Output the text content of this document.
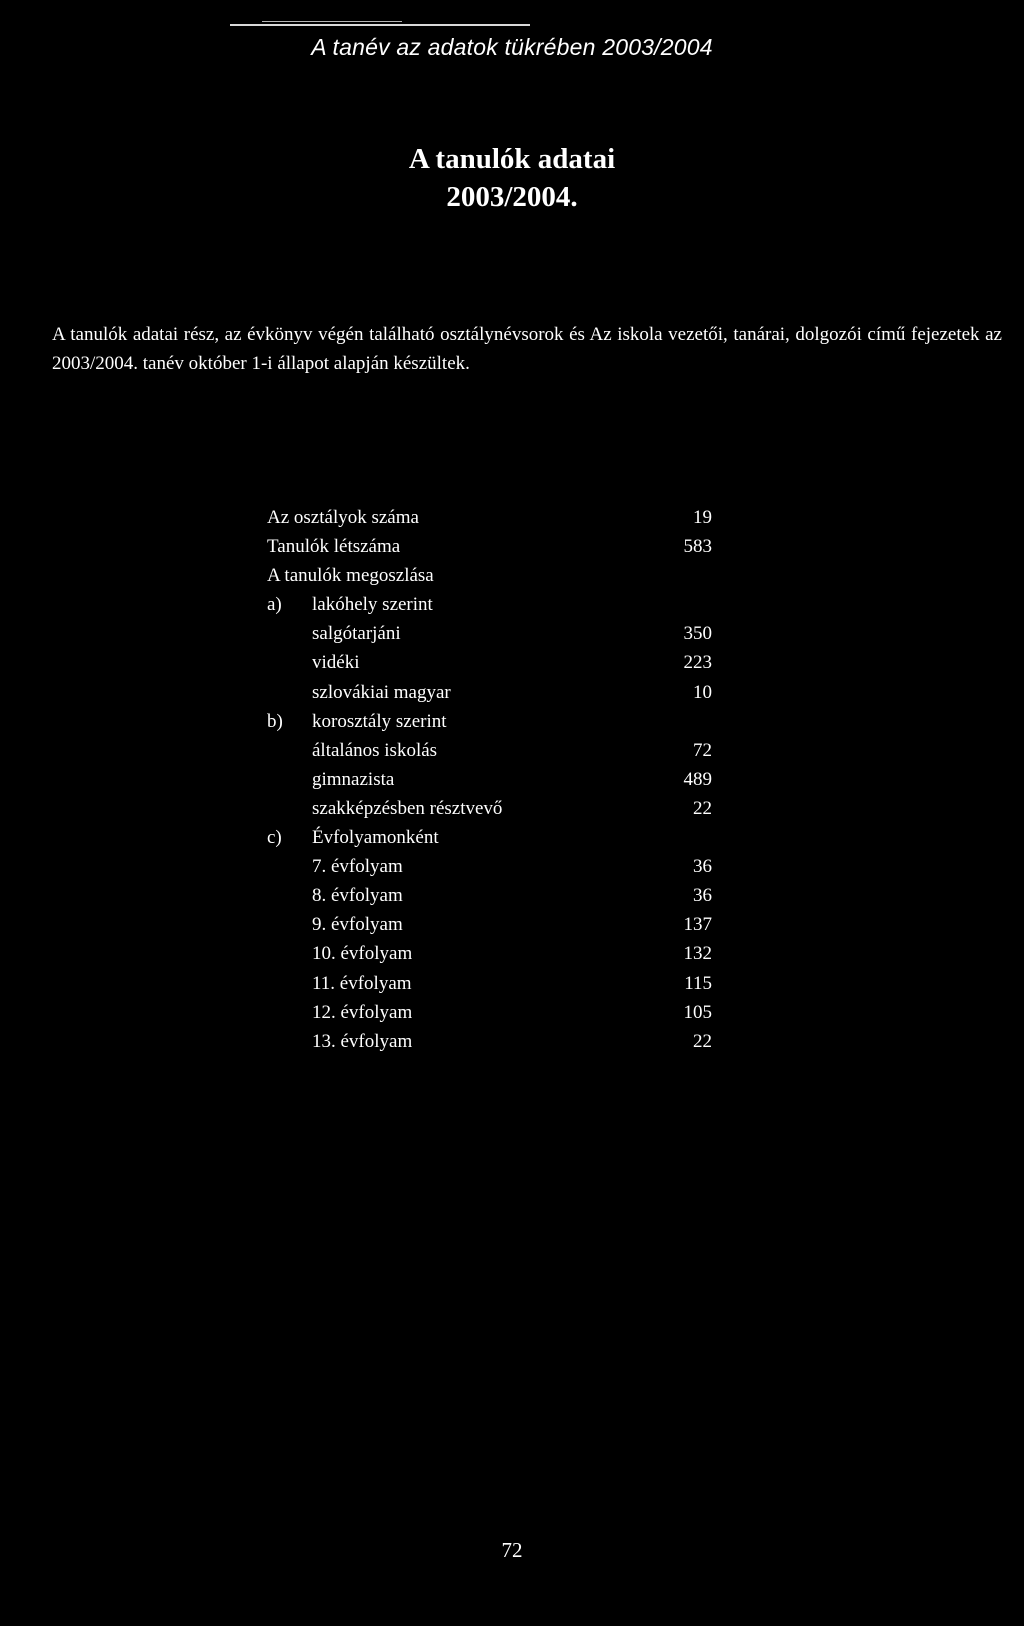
A tanév az adatok tükrében 2003/2004
A tanulók adatai
2003/2004.

A tanulók adatai rész, az évkönyv végén található osztálynévsorok és Az iskola vezetői, tanárai, dolgozói című fejezetek az 2003/2004. tanév október 1-i állapot alapján készültek.

Az osztályok száma	19
Tanulók létszáma	583
A tanulók megoszlása
a)	lakóhely szerint
salgótarjáni	350
vidéki	223
szlovákiai magyar	10
b)	korosztály szerint
általános iskolás	72
gimnazista	489
szakképzésben résztvevő	22
c)	Évfolyamonként
7. évfolyam	36
8. évfolyam	36
9. évfolyam	137
10. évfolyam	132
11. évfolyam	115
12. évfolyam	105
13. évfolyam	22
72
